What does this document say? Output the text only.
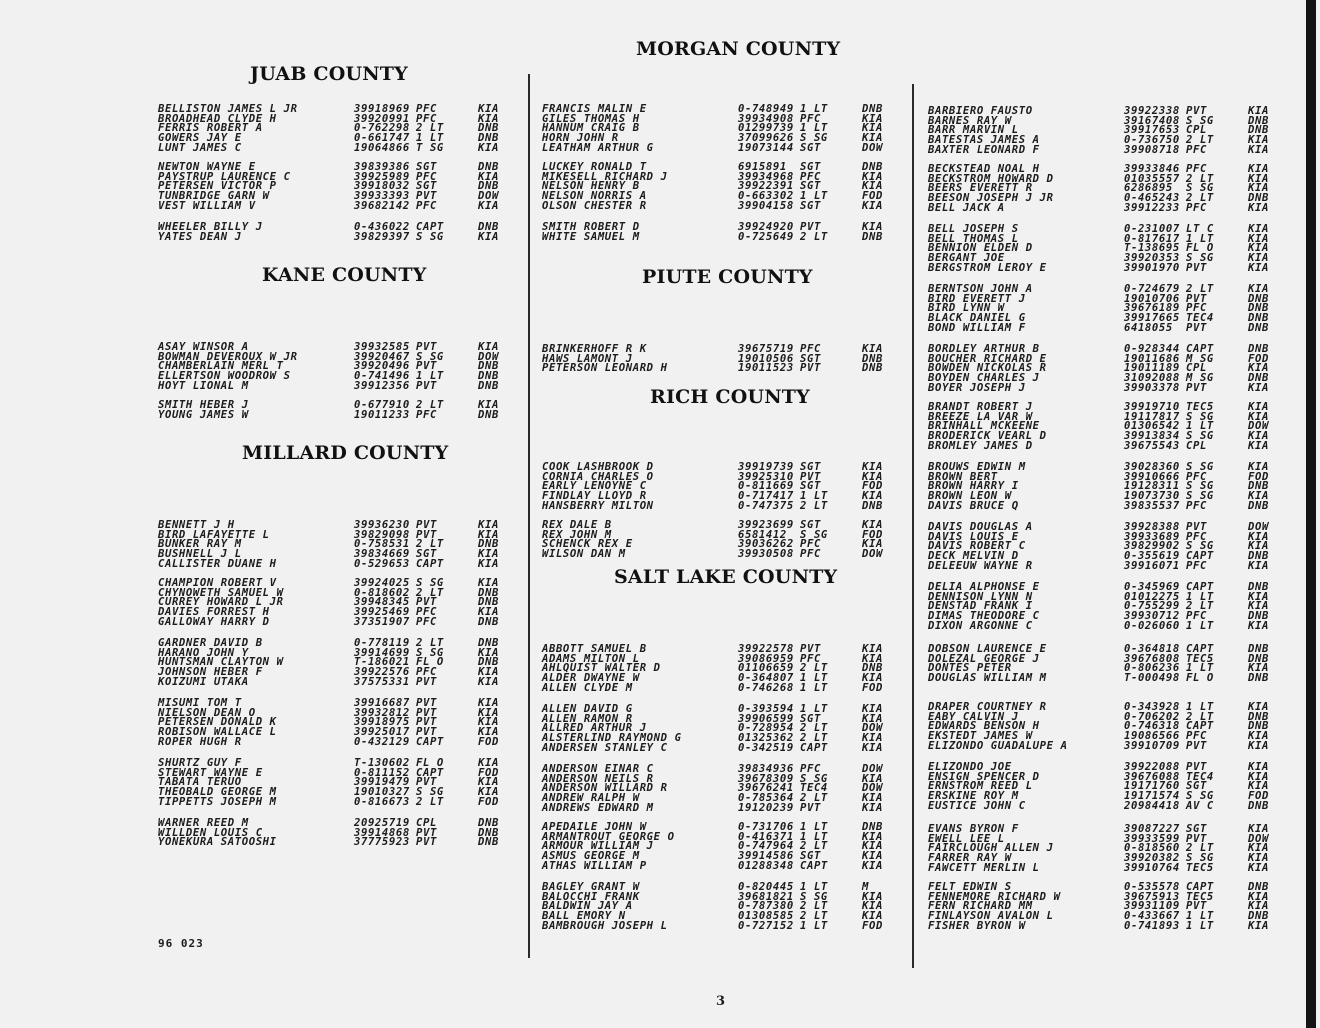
JUAB COUNTY
BELLISTON JAMES L JR	39918969 PFC	KIA
BROADHEAD CLYDE H	39920991 PFC	KIA
FERRIS ROBERT A	0-762298 2 LT	DNB
GOWERS JAY E	0-661747 1 LT	DNB
LUNT JAMES C	19064866 T SG	KIA
NEWTON WAYNE E	39839386 SGT	DNB
PAYSTRUP LAURENCE C	39925989 PFC	KIA
PETERSEN VICTOR P	39918032 SGT	DNB
TUNBRIDGE GARN W	39933393 PVT	DOW
VEST WILLIAM V	39682142 PFC	KIA
WHEELER BILLY J	0-436022 CAPT	DNB
YATES DEAN J	39829397 S SG	KIA
KANE COUNTY
ASAY WINSOR A	39932585 PVT	KIA
BOWMAN DEVEROUX W JR	39920467 S SG	DOW
CHAMBERLAIN MERL T	39920496 PVT	DNB
ELLERTSON WOODROW S	0-741496 1 LT	DNB
HOYT LIONAL M	39912356 PVT	DNB
SMITH HEBER J	0-677910 2 LT	KIA
YOUNG JAMES W	19011233 PFC	DNB
MILLARD COUNTY
BENNETT J H	39936230 PVT	KIA
BIRD LAFAYETTE L	39829098 PVT	KIA
BUNKER RAY M	0-758531 2 LT	DNB
BUSHNELL J L	39834669 SGT	KIA
CALLISTER DUANE H	0-529653 CAPT	KIA
CHAMPION ROBERT V	39924025 S SG	KIA
CHYNOWETH SAMUEL W	0-818602 2 LT	DNB
CURREY HOWARD L JR	39948345 PVT	DNB
DAVIES FORREST H	39925469 PFC	KIA
GALLOWAY HARRY D	37351907 PFC	DNB
GARDNER DAVID B	0-778119 2 LT	DNB
HARANO JOHN Y	39914699 S SG	KIA
HUNTSMAN CLAYTON W	T-186021 FL O	DNB
JOHNSON HEBER F	39922576 PFC	KIA
KOIZUMI UTAKA	37575331 PVT	KIA
MISUMI TOM T	39916687 PVT	KIA
NIELSON DEAN O	39932812 PVT	KIA
PETERSEN DONALD K	39918975 PVT	KIA
ROBISON WALLACE L	39925017 PVT	KIA
ROPER HUGH R	0-432129 CAPT	FOD
SHURTZ GUY F	T-130602 FL O	KIA
STEWART WAYNE E	0-811152 CAPT	FOD
TABATA TERUO	39919479 PVT	KIA
THEOBALD GEORGE M	19010327 S SG	KIA
TIPPETTS JOSEPH M	0-816673 2 LT	FOD
WARNER REED M	20925719 CPL	DNB
WILLDEN LOUIS C	39914868 PVT	DNB
YONEKURA SATOOSHI	37775923 PVT	DNB
MORGAN COUNTY
FRANCIS MALIN E	0-748949 1 LT	DNB
GILES THOMAS H	39934908 PFC	KIA
HANNUM CRAIG B	01299739 1 LT	KIA
HORN JOHN R	37099626 S SG	KIA
LEATHAM ARTHUR G	19073144 SGT	DOW
LUCKEY RONALD T	6915891 SGT	DNB
MIKESELL RICHARD J	39934968 PFC	KIA
NELSON HENRY B	39922391 SGT	KIA
NELSON NORRIS A	0-663302 1 LT	FOD
OLSON CHESTER R	39904158 SGT	KIA
SMITH ROBERT D	39924920 PVT	KIA
WHITE SAMUEL M	0-725649 2 LT	DNB
PIUTE COUNTY
BRINKERHOFF R K	39675719 PFC	KIA
HAWS LAMONT J	19010506 SGT	DNB
PETERSON LEONARD H	19011523 PVT	DNB
RICH COUNTY
COOK LASHBROOK D	39919739 SGT	KIA
CORNIA CHARLES O	39925310 PVT	KIA
EARLY LENOYNE C	0-811669 SGT	FOD
FINDLAY LLOYD R	0-717417 1 LT	KIA
HANSBERRY MILTON	0-747375 2 LT	DNB
REX DALE B	39923699 SGT	KIA
REX JOHN M	6581412 S SG	FOD
SCHENCK REX E	39036262 PFC	KIA
WILSON DAN M	39930508 PFC	DOW
SALT LAKE COUNTY
ABBOTT SAMUEL B	39922578 PVT	KIA
ADAMS MILTON L	39086959 PFC	KIA
AHLQUIST WALTER D	01106659 2 LT	DNB
ALDER DWAYNE W	0-364807 1 LT	KIA
ALLEN CLYDE M	0-746268 1 LT	FOD
ALLEN DAVID G	0-393594 1 LT	KIA
ALLEN RAMON R	39906599 SGT	KIA
ALLRED ARTHUR J	0-728954 2 LT	DOW
ALSTERLIND RAYMOND G	01325362 2 LT	KIA
ANDERSEN STANLEY C	0-342519 CAPT	KIA
ANDERSON EINAR C	39834936 PFC	DOW
ANDERSON NEILS R	39678309 S SG	KIA
ANDERSON WILLARD R	39676241 TEC4	DOW
ANDREW RALPH W	0-785364 2 LT	KIA
ANDREWS EDWARD M	19120239 PVT	KIA
APEDAILE JOHN W	0-731706 1 LT	DNB
ARMANTROUT GEORGE O	0-416371 1 LT	KIA
ARMOUR WILLIAM J	0-747964 2 LT	KIA
ASMUS GEORGE M	39914586 SGT	KIA
ATHAS WILLIAM P	01288348 CAPT	KIA
BAGLEY GRANT W	0-820445 1 LT	M
BALOCCHI FRANK	39681821 S SG	KIA
BALDWIN JAY A	0-787380 2 LT	KIA
BALL EMORY N	01308585 2 LT	KIA
BAMBROUGH JOSEPH L	0-727152 1 LT	FOD
BARBIERO FAUSTO	39922338 PVT	KIA
BARNES RAY W	39167408 S SG	DNB
BARR MARVIN L	39917653 CPL	DNB
BATESTAS JAMES A	0-736750 2 LT	KIA
BAXTER LEONARD F	39908718 PFC	KIA
BECKSTEAD NOAL H	39933846 PFC	KIA
BECKSTROM HOWARD D	01035557 2 LT	KIA
BEERS EVERETT R	6286895 S SG	KIA
BEESON JOSEPH J JR	0-465243 2 LT	DNB
BELL JACK A	39912233 PFC	KIA
BELL JOSEPH S	0-231007 LT C	KIA
BELL THOMAS L	0-817617 1 LT	KIA
BENNION ELDEN D	T-138695 FL O	KIA
BERGANT JOE	39920353 S SG	KIA
BERGSTROM LEROY E	39901970 PVT	KIA
BERNTSON JOHN A	0-724679 2 LT	KIA
BIRD EVERETT J	19010706 PVT	DNB
BIRD LYNN W	39676189 PFC	DNB
BLACK DANIEL G	39917665 TEC4	DNB
BOND WILLIAM F	6418055 PVT	DNB
BORDLEY ARTHUR B	0-928344 CAPT	DNB
BOUCHER RICHARD E	19011686 M SG	FOD
BOWDEN NICKOLAS R	19011189 CPL	KIA
BOYDEN CHARLES J	31092088 M SG	DNB
BOYER JOSEPH J	39903378 PVT	KIA
BRANDT ROBERT J	39919710 TEC5	KIA
BREEZE LA VAR W	19117817 S SG	KIA
BRINHALL MCKEENE	01306542 1 LT	DOW
BRODERICK VEARL D	39913834 S SG	KIA
BROMLEY JAMES D	39675543 CPL	KIA
BROUWS EDWIN M	39028360 S SG	KIA
BROWN BERT	39910666 PFC	FOD
BROWN HARRY I	19128311 S SG	DNB
BROWN LEON W	19073730 S SG	KIA
DAVIS BRUCE Q	39835537 PFC	DNB
DAVIS DOUGLAS A	39928388 PVT	DOW
DAVIS LOUIS E	39933689 PFC	KIA
DAVIS ROBERT C	39829902 S SG	KIA
DECK MELVIN D	0-355619 CAPT	DNB
DELEEUW WAYNE R	39916071 PFC	KIA
DELIA ALPHONSE E	0-345969 CAPT	DNB
DENNISON LYNN N	01012275 1 LT	KIA
DENSTAD FRANK I	0-755299 2 LT	KIA
DIMAS THEODORE C	39930712 PFC	DNB
DIXON ARGONNE C	0-026060 1 LT	KIA
DOBSON LAURENCE E	0-364818 CAPT	DNB
DOLEZAL GEORGE J	39676808 TEC5	DNB
DONTES PETER	0-806236 1 LT	KIA
DOUGLAS WILLIAM M	T-000498 FL O	DNB
DRAPER COURTNEY R	0-343928 1 LT	KIA
EABY CALVIN J	0-706202 2 LT	DNB
EDWARDS BENSON H	0-746318 CAPT	DNB
EKSTEDT JAMES W	19086566 PFC	KIA
ELIZONDO GUADALUPE A	39910709 PVT	KIA
ELIZONDO JOE	39922088 PVT	KIA
ENSIGN SPENCER D	39676088 TEC4	KIA
ERNSTROM REED L	19171760 SGT	KIA
ERSKINE ROY M	19171574 S SG	FOD
EUSTICE JOHN C	20984418 AV C	DNB
EVANS BYRON F	39087227 SGT	KIA
EWELL LEE L	39933599 PVT	DOW
FAIRCLOUGH ALLEN J	0-818560 2 LT	KIA
FARRER RAY W	39920382 S SG	KIA
FAWCETT MERLIN L	39910764 TEC5	KIA
FELT EDWIN S	0-535578 CAPT	DNB
FENNEMORE RICHARD W	39675913 TEC5	KIA
FERN RICHARD MM	39931109 PVT	KIA
FINLAYSON AVALON L	0-433667 1 LT	DNB
FISHER BYRON W	0-741893 1 LT	KIA
96 023
3
